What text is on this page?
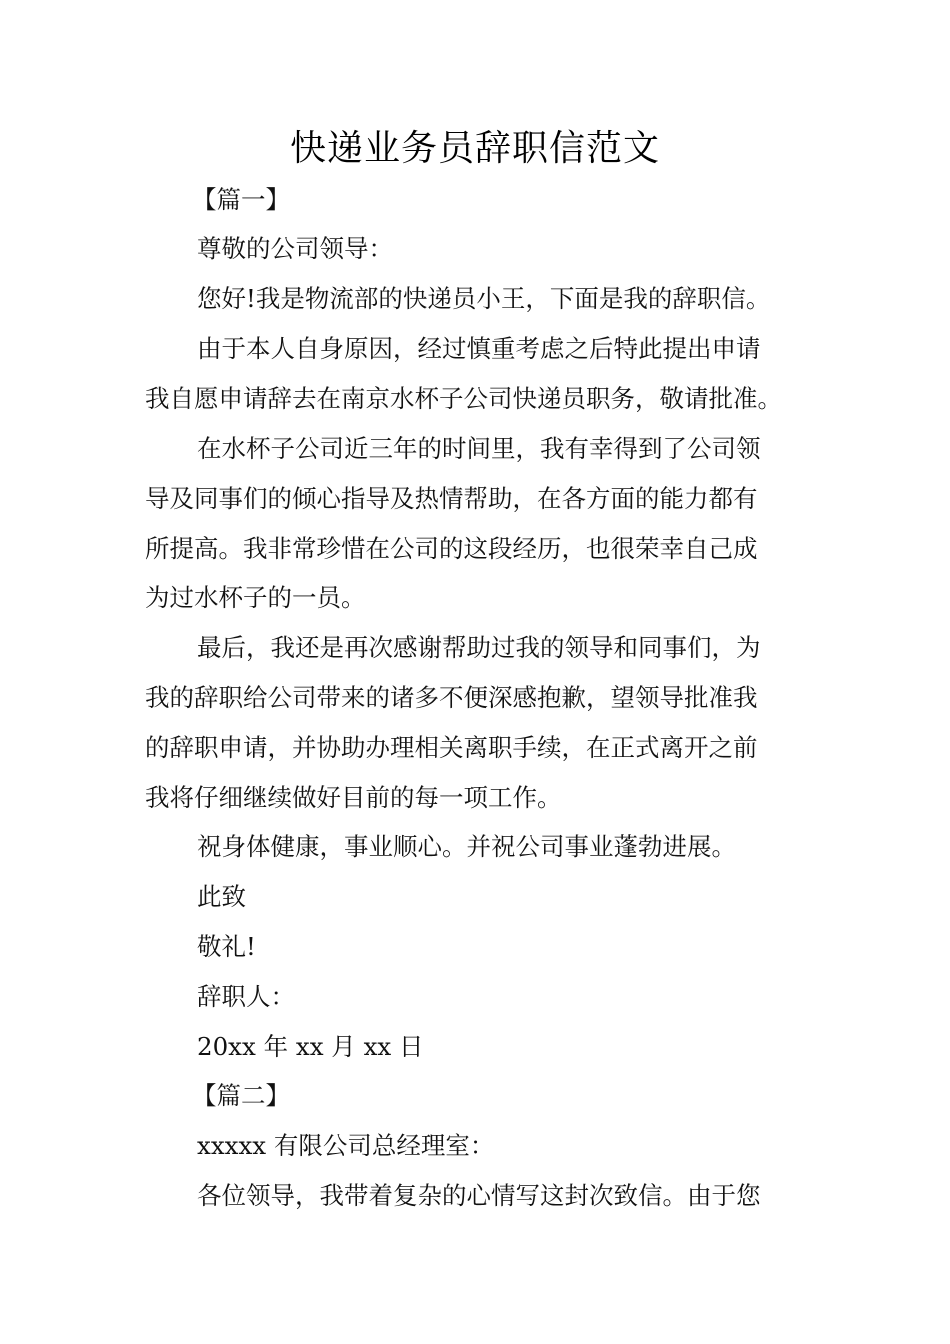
快递业务员辞职信范文
【篇一】
尊敬的公司领导：
您好!我是物流部的快递员小王，下面是我的辞职信。
由于本人自身原因，经过慎重考虑之后特此提出申请
我自愿申请辞去在南京水杯子公司快递员职务，敬请批准。
在水杯子公司近三年的时间里，我有幸得到了公司领
导及同事们的倾心指导及热情帮助，在各方面的能力都有
所提高。我非常珍惜在公司的这段经历，也很荣幸自己成
为过水杯子的一员。
最后，我还是再次感谢帮助过我的领导和同事们，为
我的辞职给公司带来的诸多不便深感抱歉，望领导批准我
的辞职申请，并协助办理相关离职手续，在正式离开之前
我将仔细继续做好目前的每一项工作。
祝身体健康，事业顺心。并祝公司事业蓬勃进展。
此致
敬礼!
辞职人：
20xx 年 xx 月 xx 日
【篇二】
xxxxx 有限公司总经理室：
各位领导，我带着复杂的心情写这封次致信。由于您
